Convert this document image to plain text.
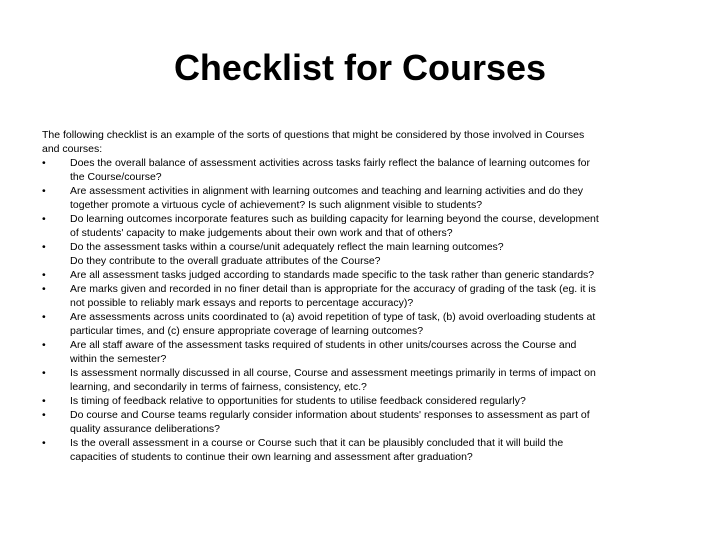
Checklist for Courses

The following checklist is an example of the sorts of questions that might be considered by those involved in Courses
and courses:

•	Does the overall balance of assessment activities across tasks fairly reflect the balance of learning outcomes for
the Course/course?
•	Are assessment activities in alignment with learning outcomes and teaching and learning activities and do they
together promote a virtuous cycle of achievement? Is such alignment visible to students?
•	Do learning outcomes incorporate features such as building capacity for learning beyond the course, development
of students' capacity to make judgements about their own work and that of others?
•	Do the assessment tasks within a course/unit adequately reflect the main learning outcomes?
Do they contribute to the overall graduate attributes of the Course?
•	Are all assessment tasks judged according to standards made specific to the task rather than generic standards?
•	Are marks given and recorded in no finer detail than is appropriate for the accuracy of grading of the task (eg. it is
not possible to reliably mark essays and reports to percentage accuracy)?
•	Are assessments across units coordinated to (a) avoid repetition of type of task, (b) avoid overloading students at
particular times, and (c) ensure appropriate coverage of learning outcomes?
•	Are all staff aware of the assessment tasks required of students in other units/courses across the Course and
within the semester?
•	Is assessment normally discussed in all course, Course and assessment meetings primarily in terms of impact on
learning, and secondarily in terms of fairness, consistency, etc.?
•	Is timing of feedback relative to opportunities for students to utilise feedback considered regularly?
•	Do course and Course teams regularly consider information about students' responses to assessment as part of
quality assurance deliberations?
•	Is the overall assessment in a course or Course such that it can be plausibly concluded that it will build the
capacities of students to continue their own learning and assessment after graduation?
